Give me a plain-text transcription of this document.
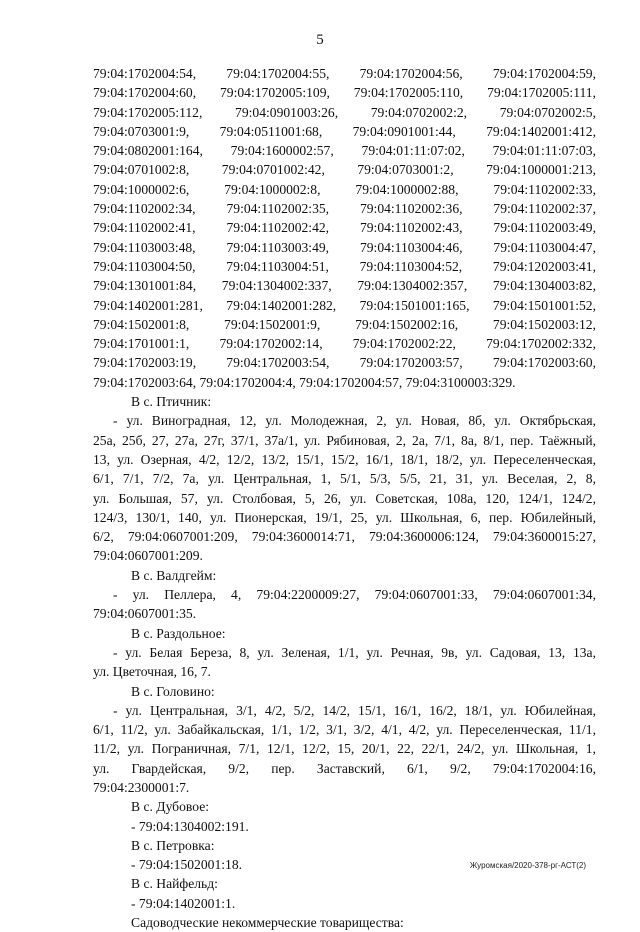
5

79:04:1702004:54, 79:04:1702004:55, 79:04:1702004:56, 79:04:1702004:59,

79:04:1702004:60, 79:04:1702005:109, 79:04:1702005:110, 79:04:1702005:111,

79:04:1702005:112, 79:04:0901003:26, 79:04:0702002:2, 79:04:0702002:5,

79:04:0703001:9, 79:04:0511001:68, 79:04:0901001:44, 79:04:1402001:412,

79:04:0802001:164, 79:04:1600002:57, 79:04:01:11:07:02, 79:04:01:11:07:03,

79:04:0701002:8, 79:04:0701002:42, 79:04:0703001:2, 79:04:1000001:213,

79:04:1000002:6, 79:04:1000002:8, 79:04:1000002:88, 79:04:1102002:33,

79:04:1102002:34, 79:04:1102002:35, 79:04:1102002:36, 79:04:1102002:37,

79:04:1102002:41, 79:04:1102002:42, 79:04:1102002:43, 79:04:1102003:49,

79:04:1103003:48, 79:04:1103003:49, 79:04:1103004:46, 79:04:1103004:47,

79:04:1103004:50, 79:04:1103004:51, 79:04:1103004:52, 79:04:1202003:41,

79:04:1301001:84, 79:04:1304002:337, 79:04:1304002:357, 79:04:1304003:82,

79:04:1402001:281, 79:04:1402001:282, 79:04:1501001:165, 79:04:1501001:52,

79:04:1502001:8, 79:04:1502001:9, 79:04:1502002:16, 79:04:1502003:12,

79:04:1701001:1, 79:04:1702002:14, 79:04:1702002:22, 79:04:1702002:332,

79:04:1702003:19, 79:04:1702003:54, 79:04:1702003:57, 79:04:1702003:60,

79:04:1702003:64, 79:04:1702004:4, 79:04:1702004:57, 79:04:3100003:329.

В с. Птичник:

- ул. Виноградная, 12, ул. Молодежная, 2, ул. Новая, 8б, ул. Октябрьская,

25а, 25б, 27, 27а, 27г, 37/1, 37а/1, ул. Рябиновая, 2, 2а, 7/1, 8а, 8/1, пер. Таёжный,

13, ул. Озерная, 4/2, 12/2, 13/2, 15/1, 15/2, 16/1, 18/1, 18/2, ул. Переселенческая,

6/1, 7/1, 7/2, 7а, ул. Центральная, 1, 5/1, 5/3, 5/5, 21, 31, ул. Веселая, 2, 8,

ул. Большая, 57, ул. Столбовая, 5, 26, ул. Советская, 108а, 120, 124/1, 124/2,

124/3, 130/1, 140, ул. Пионерская, 19/1, 25, ул. Школьная, 6, пер. Юбилейный,

6/2, 79:04:0607001:209, 79:04:3600014:71, 79:04:3600006:124, 79:04:3600015:27,

79:04:0607001:209.

В с. Валдгейм:

- ул. Пеллера, 4, 79:04:2200009:27, 79:04:0607001:33, 79:04:0607001:34,

79:04:0607001:35.

В с. Раздольное:

- ул. Белая Береза, 8, ул. Зеленая, 1/1, ул. Речная, 9в, ул. Садовая, 13, 13а,

ул. Цветочная, 16, 7.

В с. Головино:

- ул. Центральная, 3/1, 4/2, 5/2, 14/2, 15/1, 16/1, 16/2, 18/1, ул. Юбилейная,

6/1, 11/2, ул. Забайкальская, 1/1, 1/2, 3/1, 3/2, 4/1, 4/2, ул. Переселенческая, 11/1,

11/2, ул. Пограничная, 7/1, 12/1, 12/2, 15, 20/1, 22, 22/1, 24/2, ул. Школьная, 1,

ул. Гвардейская, 9/2, пер. Заставский, 6/1, 9/2, 79:04:1702004:16,

79:04:2300001:7.

В с. Дубовое:

- 79:04:1304002:191.

В с. Петровка:

- 79:04:1502001:18.

В с. Найфельд:

- 79:04:1402001:1.

Садоводческие некоммерческие товарищества:

Журомская/2020-378-рг-АСТ(2)
